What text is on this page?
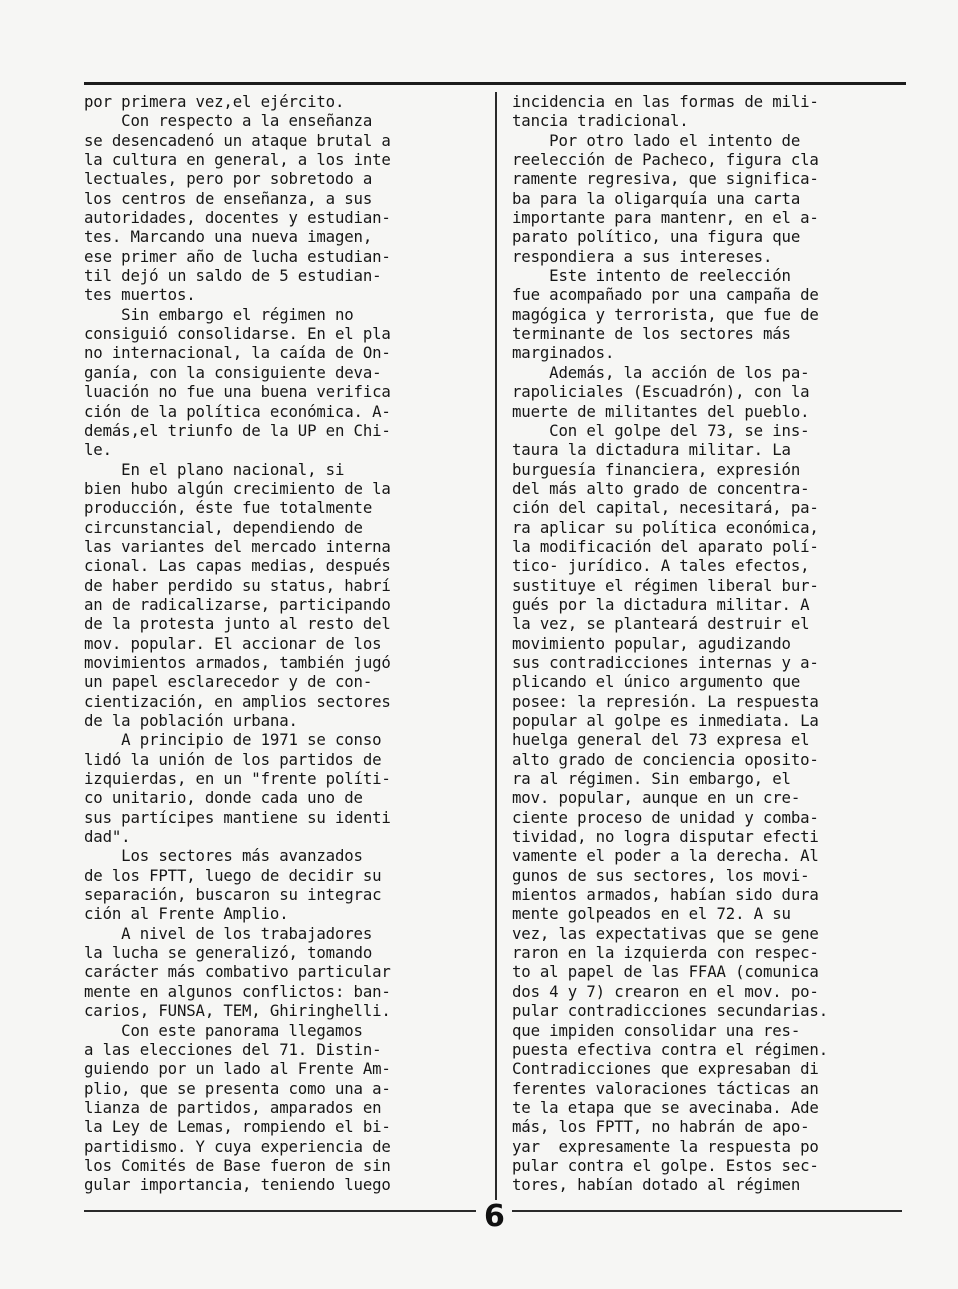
por primera vez,el ejército.
Con respecto a la enseñanza
se desencadenó un ataque brutal a
la cultura en general, a los inte
lectuales, pero por sobretodo a
los centros de enseñanza, a sus
autoridades, docentes y estudian-
tes. Marcando una nueva imagen,
ese primer año de lucha estudian-
til dejó un saldo de 5 estudian-
tes muertos.
Sin embargo el régimen no
consiguió consolidarse. En el pla
no internacional, la caída de On-
ganía, con la consiguiente deva-
luación no fue una buena verifica
ción de la política económica. A-
demás,el triunfo de la UP en Chi-
le.
En el plano nacional, si
bien hubo algún crecimiento de la
producción, éste fue totalmente
circunstancial, dependiendo de
las variantes del mercado interna
cional. Las capas medias, después
de haber perdido su status, habrí
an de radicalizarse, participando
de la protesta junto al resto del
mov. popular. El accionar de los
movimientos armados, también jugó
un papel esclarecedor y de con-
cientización, en amplios sectores
de la población urbana.
A principio de 1971 se conso
lidó la unión de los partidos de
izquierdas, en un "frente políti-
co unitario, donde cada uno de
sus partícipes mantiene su identi
dad".
Los sectores más avanzados
de los FPTT, luego de decidir su
separación, buscaron su integrac
ción al Frente Amplio.
A nivel de los trabajadores
la lucha se generalizó, tomando
carácter más combativo particular
mente en algunos conflictos: ban-
carios, FUNSA, TEM, Ghiringhelli.
Con este panorama llegamos
a las elecciones del 71. Distin-
guiendo por un lado al Frente Am-
plio, que se presenta como una a-
lianza de partidos, amparados en
la Ley de Lemas, rompiendo el bi-
partidismo. Y cuya experiencia de
los Comités de Base fueron de sin
gular importancia, teniendo luego
incidencia en las formas de mili-
tancia tradicional.
Por otro lado el intento de
reelección de Pacheco, figura cla
ramente regresiva, que significa-
ba para la oligarquía una carta
importante para mantenr, en el a-
parato político, una figura que
respondiera a sus intereses.
Este intento de reelección
fue acompañado por una campaña de
magógica y terrorista, que fue de
terminante de los sectores más
marginados.
Además, la acción de los pa-
rapoliciales (Escuadrón), con la
muerte de militantes del pueblo.
Con el golpe del 73, se ins-
taura la dictadura militar. La
burguesía financiera, expresión
del más alto grado de concentra-
ción del capital, necesitará, pa-
ra aplicar su política económica,
la modificación del aparato polí-
tico- jurídico. A tales efectos,
sustituye el régimen liberal bur-
gués por la dictadura militar. A
la vez, se planteará destruir el
movimiento popular, agudizando
sus contradicciones internas y a-
plicando el único argumento que
posee: la represión. La respuesta
popular al golpe es inmediata. La
huelga general del 73 expresa el
alto grado de conciencia oposito-
ra al régimen. Sin embargo, el
mov. popular, aunque en un cre-
ciente proceso de unidad y comba-
tividad, no logra disputar efecti
vamente el poder a la derecha. Al
gunos de sus sectores, los movi-
mientos armados, habían sido dura
mente golpeados en el 72. A su
vez, las expectativas que se gene
raron en la izquierda con respec-
to al papel de las FFAA (comunica
dos 4 y 7) crearon en el mov. po-
pular contradicciones secundarias.
que impiden consolidar una res-
puesta efectiva contra el régimen.
Contradicciones que expresaban di
ferentes valoraciones tácticas an
te la etapa que se avecinaba. Ade
más, los FPTT, no habrán de apo-
yar  expresamente la respuesta po
pular contra el golpe. Estos sec-
tores, habían dotado al régimen
6
